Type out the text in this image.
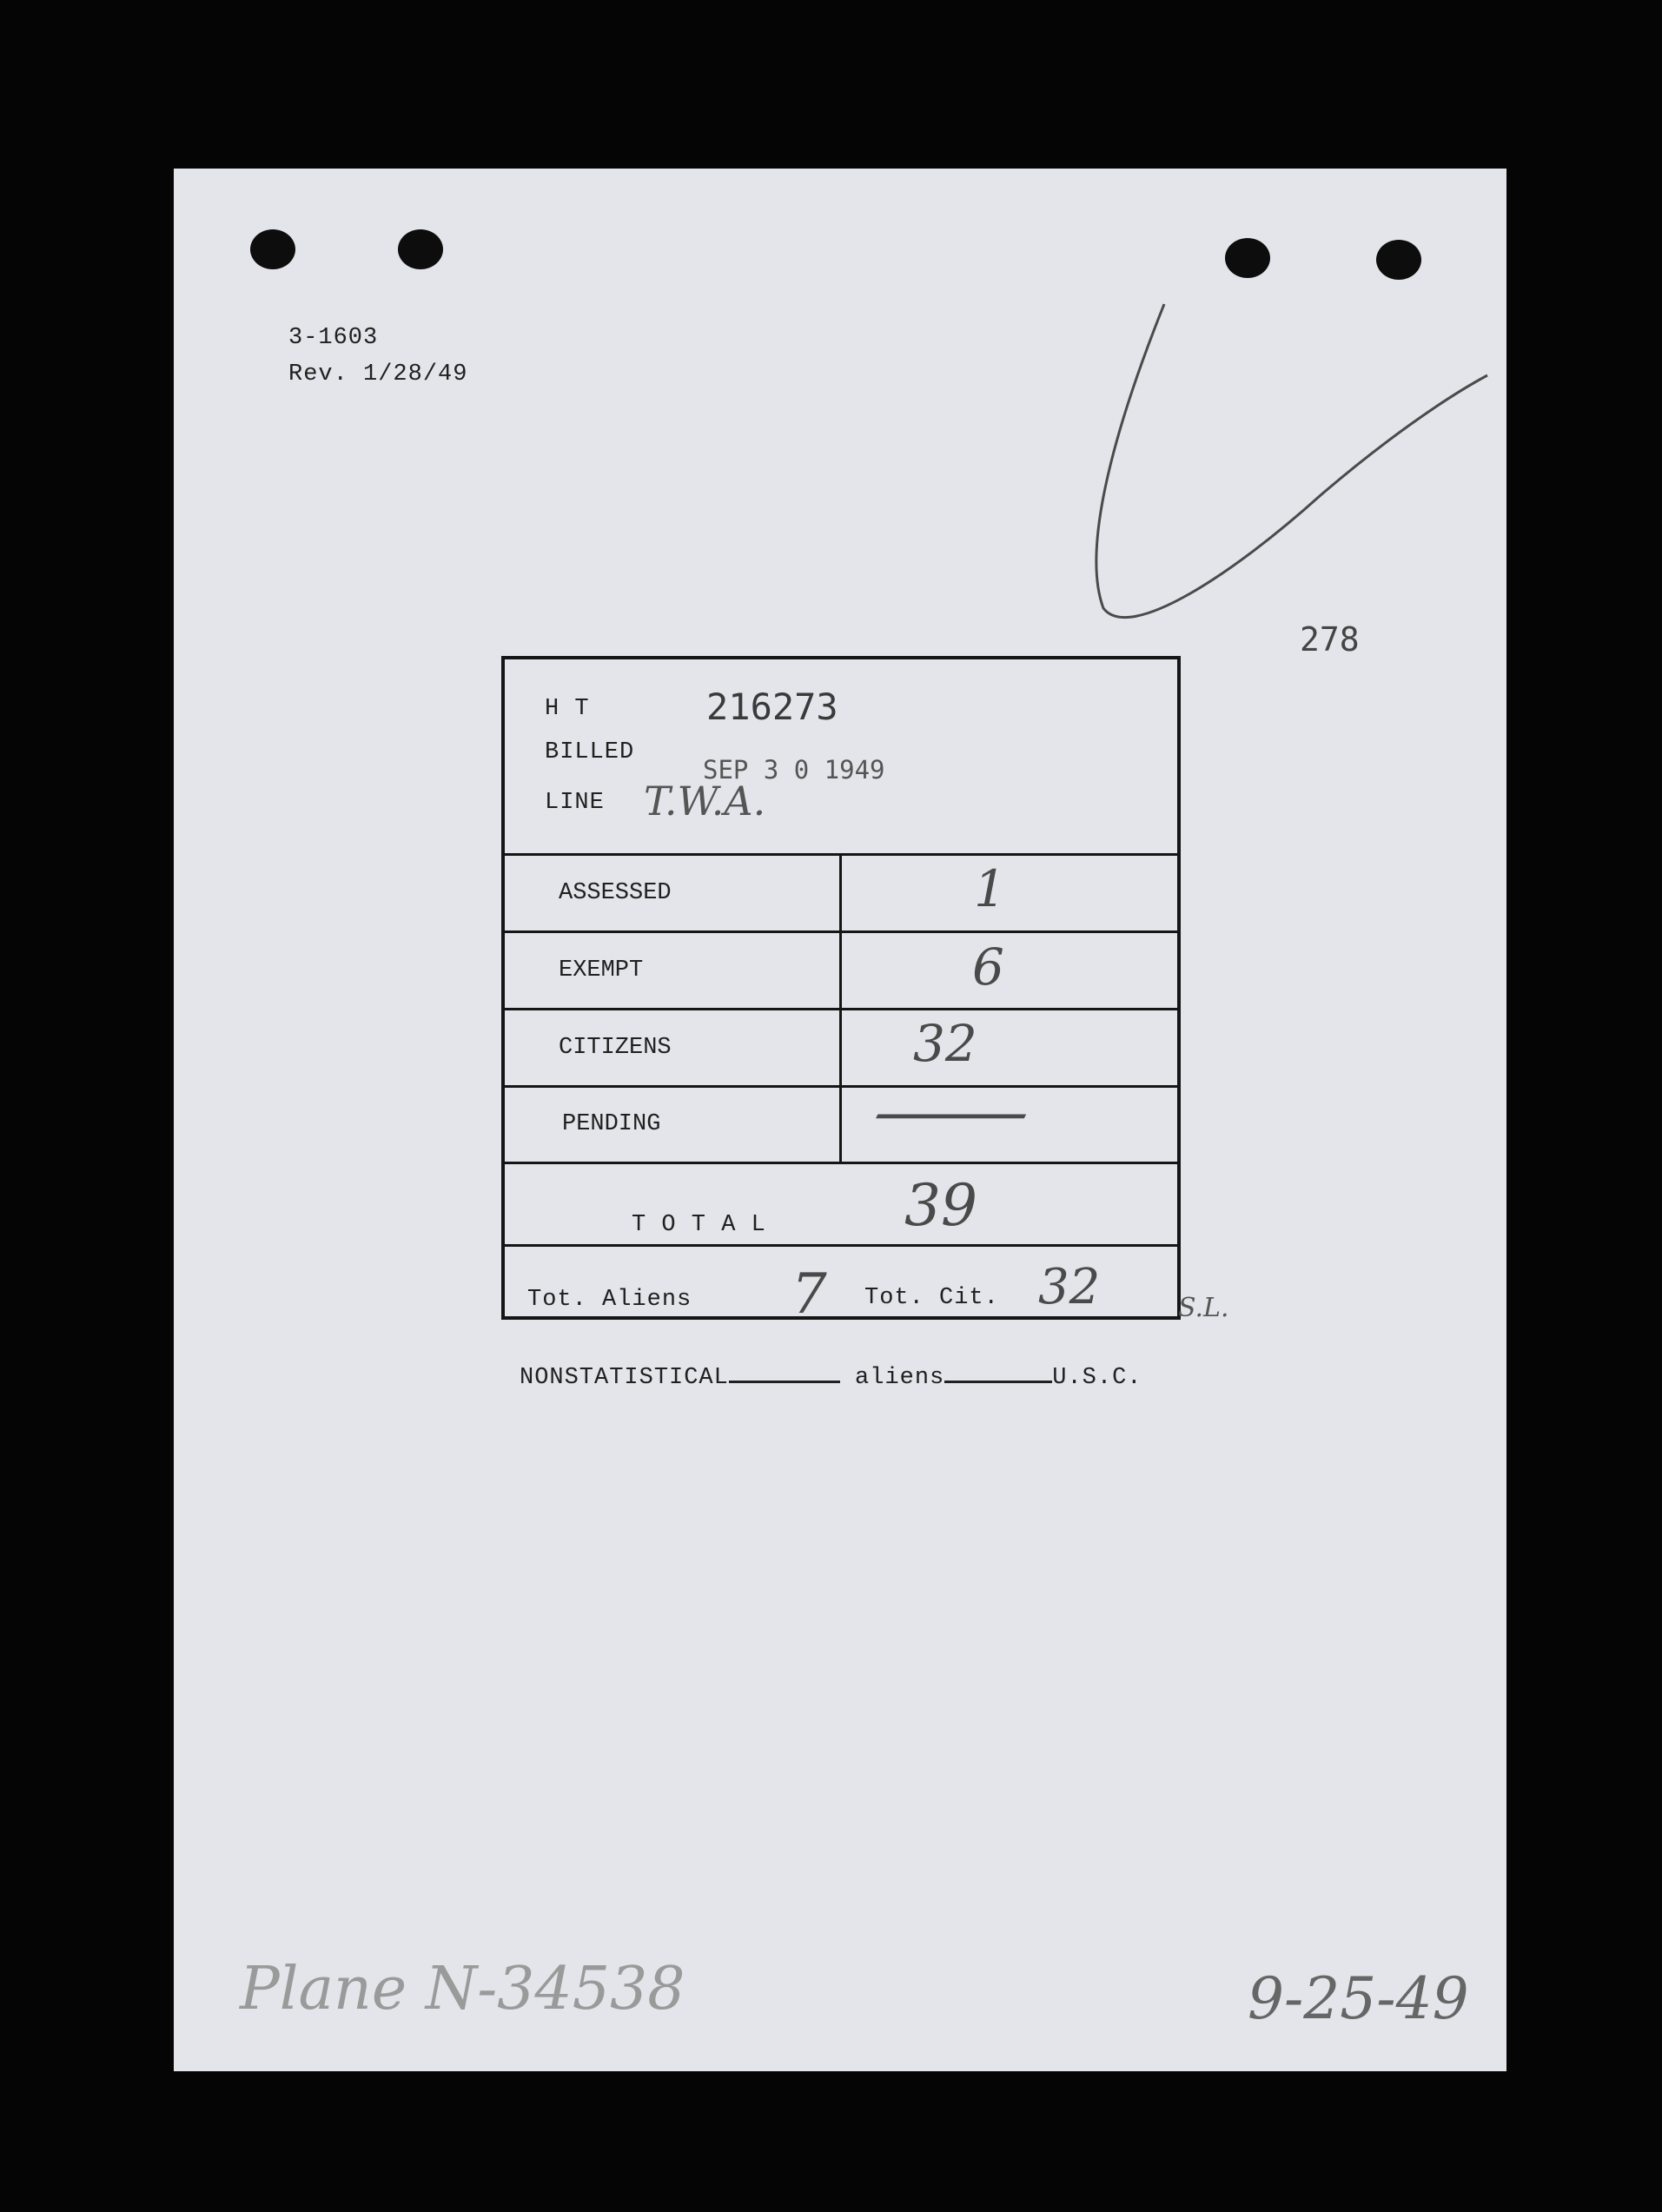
3-1603
Rev. 1/28/49
278
H T	216273
BILLED
SEP 3 0 1949
LINE T.W.A.
ASSESSED	1
EXEMPT	6
CITIZENS	32
PENDING	—
T O T A L 39
Tot. Aliens 7 Tot. Cit. 32	S.L.
NONSTATISTICAL	aliens	U.S.C.
Plane N-34538	9-25-49
